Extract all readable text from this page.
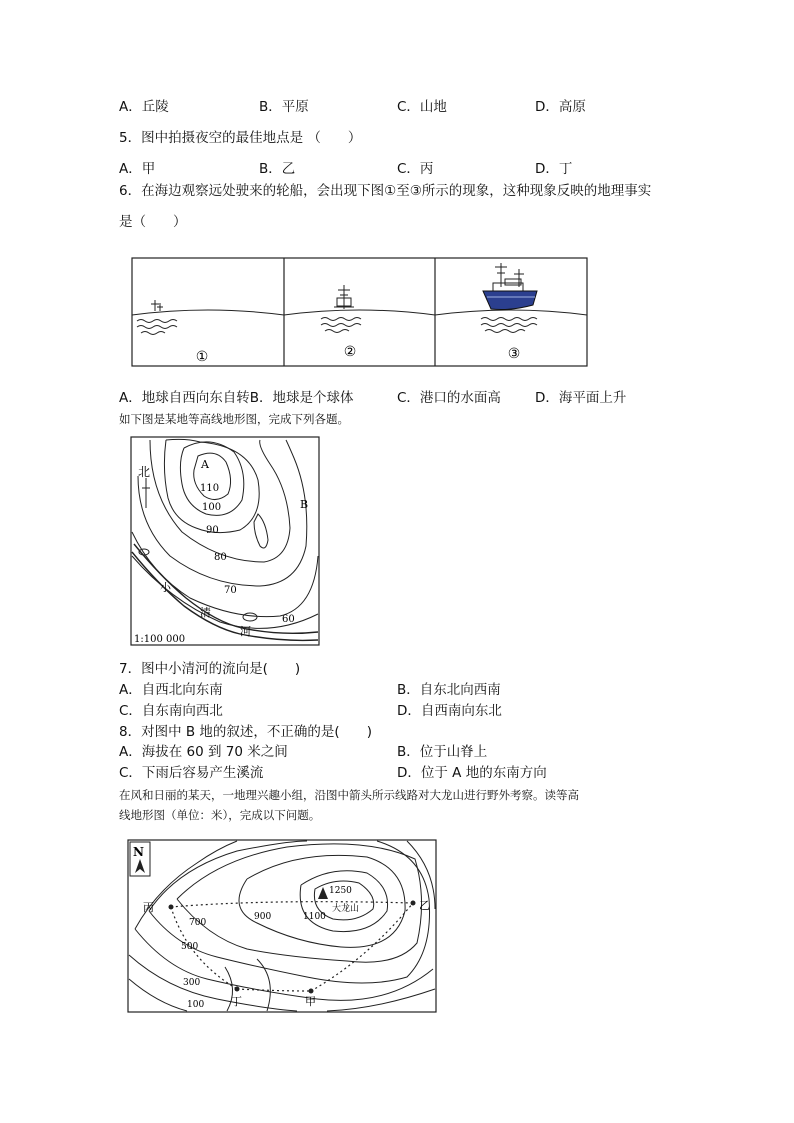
A．丘陵	B．平原	C．山地	D．高原
5．图中拍摄夜空的最佳地点是 （　　）
A．甲	B．乙	C．丙	D．丁
6．在海边观察远处驶来的轮船，会出现下图①至③所示的现象，这种现象反映的地理事实
是（　　）
①	②	③
A．地球自西向东自转B．地球是个球体	C．港口的水面高	D．海平面上升
如下图是某地等高线地形图，完成下列各题。
北
A
B
110
100
90
80
70
60
小
清
河
1:100 000
7．图中小清河的流向是(　　)
A．自西北向东南	B．自东北向西南
C．自东南向西北	D．自西南向东北
8．对图中 B 地的叙述，不正确的是(　　)
A．海拔在 60 到 70 米之间	B．位于山脊上
C．下雨后容易产生溪流	D．位于 A 地的东南方向
在风和日丽的某天，一地理兴趣小组，沿图中箭头所示线路对大龙山进行野外考察。读等高
线地形图（单位：米），完成以下问题。
N
1250
大龙山
1100
900
700
500
300
100
丙	乙
丁	甲
